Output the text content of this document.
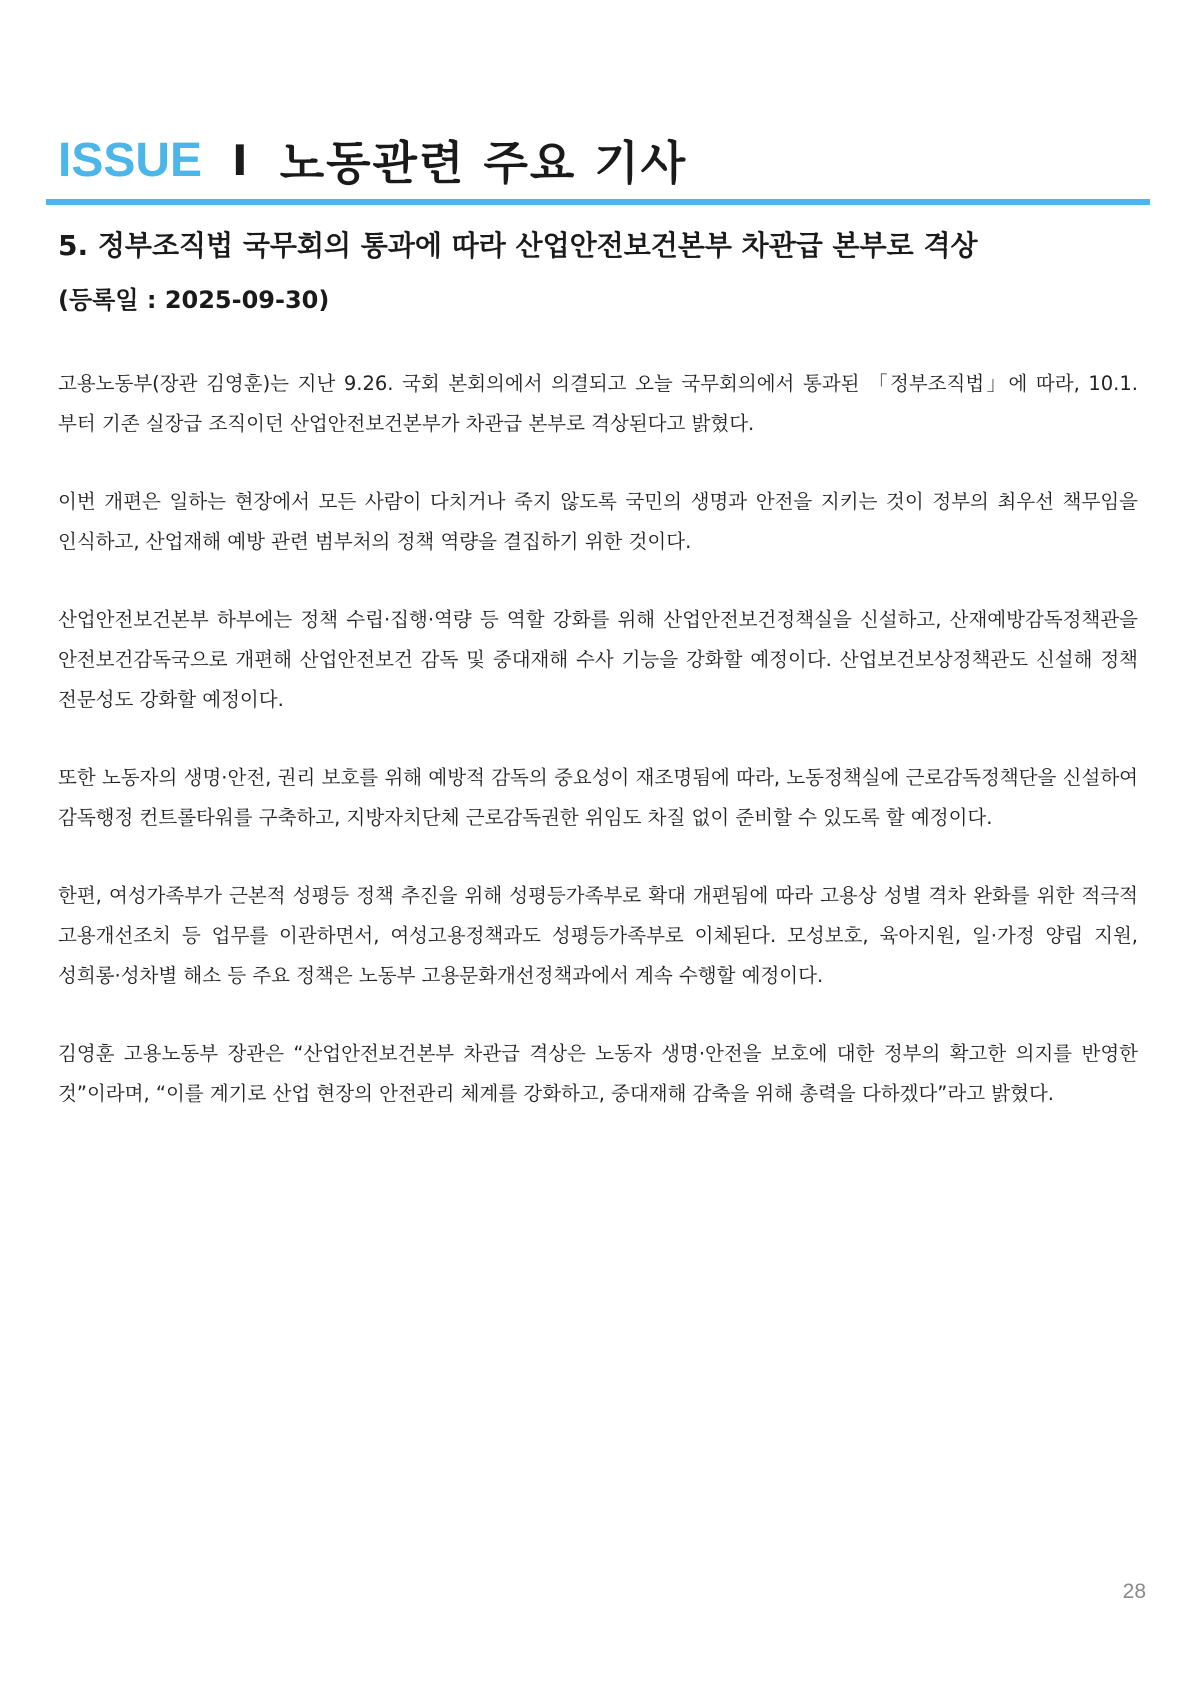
ISSUE I 노동관련 주요 기사
5. 정부조직법 국무회의 통과에 따라 산업안전보건본부 차관급 본부로 격상
(등록일 : 2025-09-30)

고용노동부(장관 김영훈)는 지난 9.26. 국회 본회의에서 의결되고 오늘 국무회의에서 통과된 「정부조직법」에 따라, 10.1.부터 기존 실장급 조직이던 산업안전보건본부가 차관급 본부로 격상된다고 밝혔다.

이번 개편은 일하는 현장에서 모든 사람이 다치거나 죽지 않도록 국민의 생명과 안전을 지키는 것이 정부의 최우선 책무임을 인식하고, 산업재해 예방 관련 범부처의 정책 역량을 결집하기 위한 것이다.

산업안전보건본부 하부에는 정책 수립·집행·역량 등 역할 강화를 위해 산업안전보건정책실을 신설하고, 산재예방감독정책관을 안전보건감독국으로 개편해 산업안전보건 감독 및 중대재해 수사 기능을 강화할 예정이다. 산업보건보상정책관도 신설해 정책 전문성도 강화할 예정이다.

또한 노동자의 생명·안전, 권리 보호를 위해 예방적 감독의 중요성이 재조명됨에 따라, 노동정책실에 근로감독정책단을 신설하여 감독행정 컨트롤타워를 구축하고, 지방자치단체 근로감독권한 위임도 차질 없이 준비할 수 있도록 할 예정이다.

한편, 여성가족부가 근본적 성평등 정책 추진을 위해 성평등가족부로 확대 개편됨에 따라 고용상 성별 격차 완화를 위한 적극적 고용개선조치 등 업무를 이관하면서, 여성고용정책과도 성평등가족부로 이체된다. 모성보호, 육아지원, 일·가정 양립 지원, 성희롱·성차별 해소 등 주요 정책은 노동부 고용문화개선정책과에서 계속 수행할 예정이다.

김영훈 고용노동부 장관은 “산업안전보건본부 차관급 격상은 노동자 생명·안전을 보호에 대한 정부의 확고한 의지를 반영한 것”이라며, “이를 계기로 산업 현장의 안전관리 체계를 강화하고, 중대재해 감축을 위해 총력을 다하겠다”라고 밝혔다.

28
